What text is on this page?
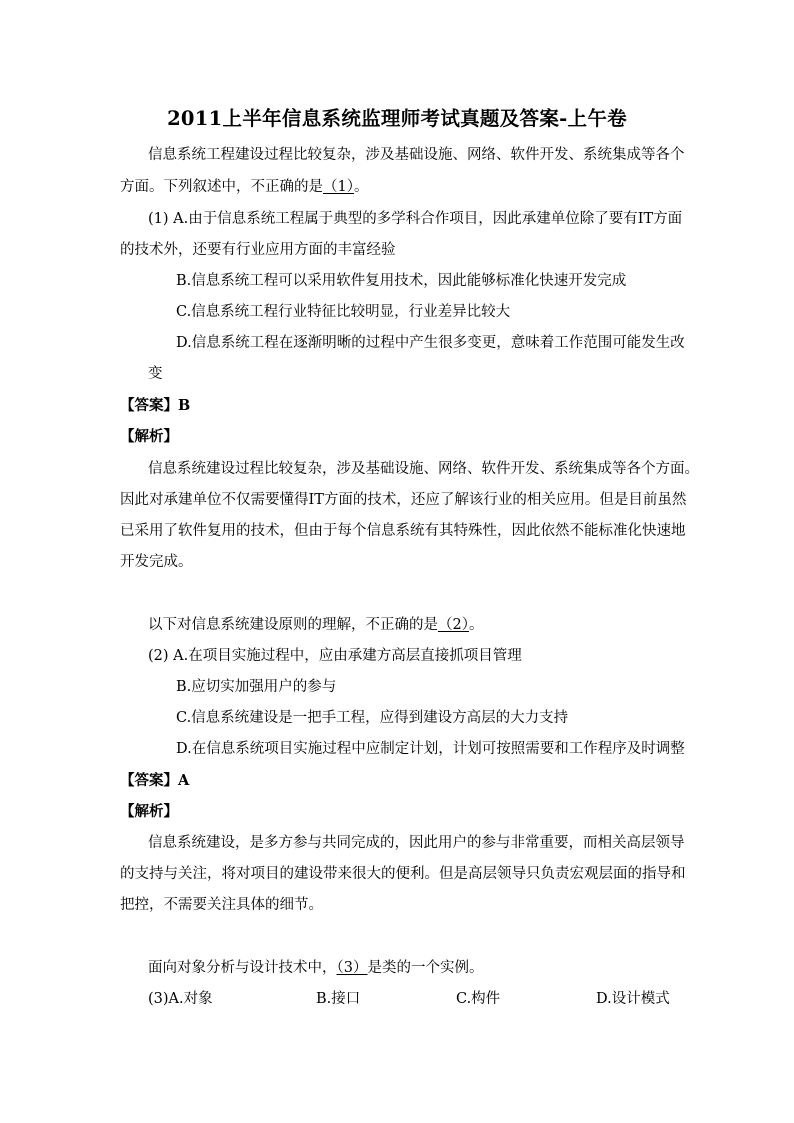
2011上半年信息系统监理师考试真题及答案-上午卷
信息系统工程建设过程比较复杂，涉及基础设施、网络、软件开发、系统集成等各个
方面。下列叙述中，不正确的是（1）。
(1) A.由于信息系统工程属于典型的多学科合作项目，因此承建单位除了要有IT方面
的技术外，还要有行业应用方面的丰富经验
B.信息系统工程可以采用软件复用技术，因此能够标准化快速开发完成
C.信息系统工程行业特征比较明显，行业差异比较大
D.信息系统工程在逐渐明晰的过程中产生很多变更，意味着工作范围可能发生改
变
【答案】B
【解析】
信息系统建设过程比较复杂，涉及基础设施、网络、软件开发、系统集成等各个方面。
因此对承建单位不仅需要懂得IT方面的技术，还应了解该行业的相关应用。但是目前虽然
已采用了软件复用的技术，但由于每个信息系统有其特殊性，因此依然不能标准化快速地
开发完成。
以下对信息系统建设原则的理解，不正确的是（2）。
(2) A.在项目实施过程中，应由承建方高层直接抓项目管理
B.应切实加强用户的参与
C.信息系统建设是一把手工程，应得到建设方高层的大力支持
D.在信息系统项目实施过程中应制定计划，计划可按照需要和工作程序及时调整
【答案】A
【解析】
信息系统建设，是多方参与共同完成的，因此用户的参与非常重要，而相关高层领导
的支持与关注，将对项目的建设带来很大的便利。但是高层领导只负责宏观层面的指导和
把控，不需要关注具体的细节。
面向对象分析与设计技术中，（3）是类的一个实例。
(3)A.对象	B.接口	C.构件	D.设计模式
